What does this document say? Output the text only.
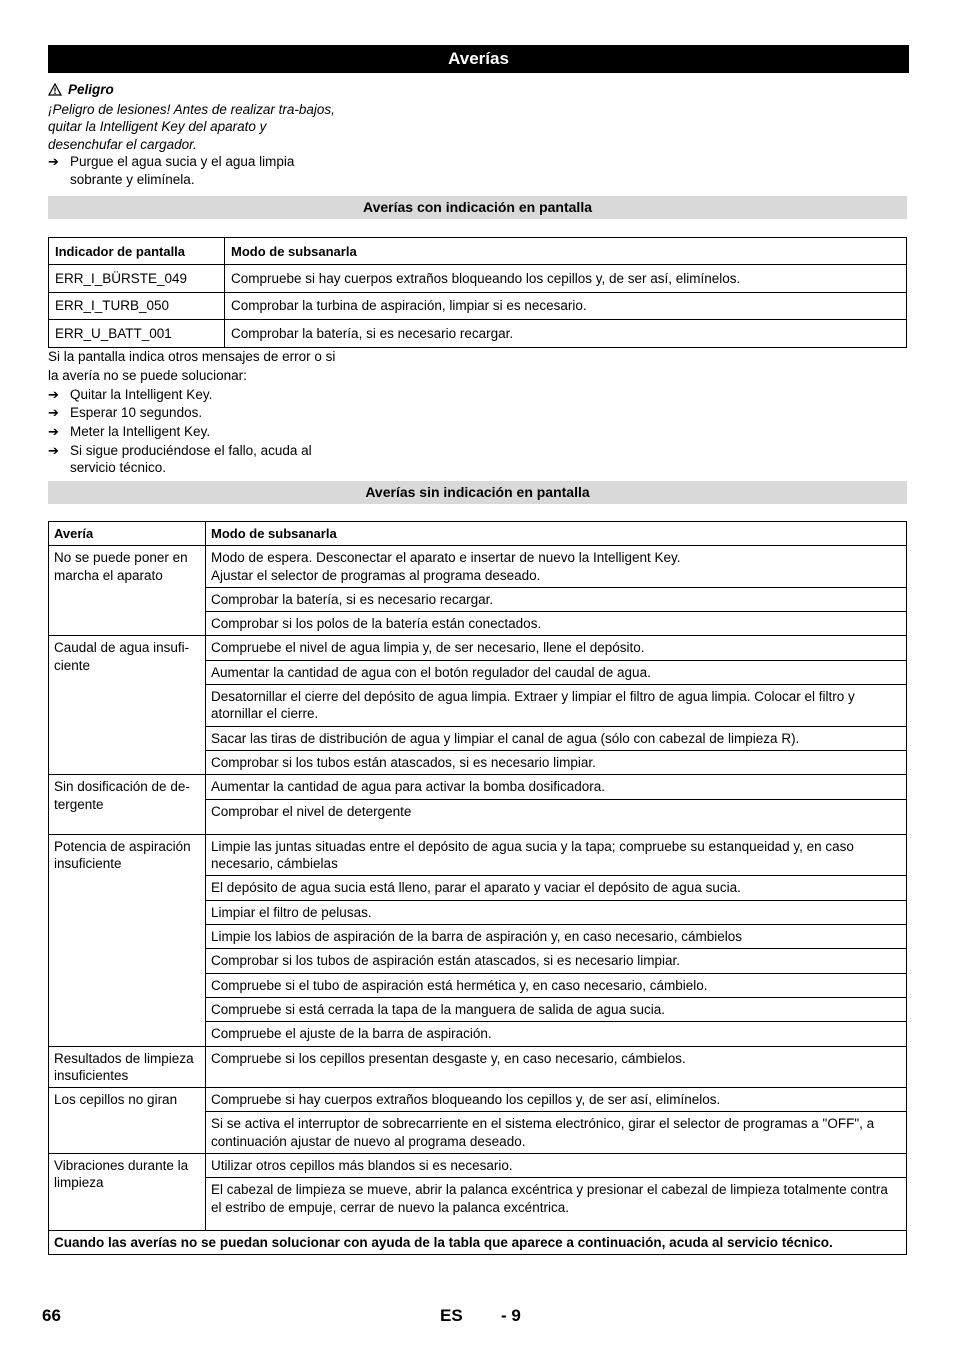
Averías
Peligro
¡Peligro de lesiones! Antes de realizar tra-bajos, quitar la Intelligent Key del aparato y desenchufar el cargador.
➔ Purgue el agua sucia y el agua limpia sobrante y elimínela.
Averías con indicación en pantalla
Indicador de pantalla	Modo de subsanarla
ERR_I_BÜRSTE_049	Compruebe si hay cuerpos extraños bloqueando los cepillos y, de ser así, elimínelos.
ERR_I_TURB_050	Comprobar la turbina de aspiración, limpiar si es necesario.
ERR_U_BATT_001	Comprobar la batería, si es necesario recargar.
Si la pantalla indica otros mensajes de error o si la avería no se puede solucionar:
➔ Quitar la Intelligent Key.
➔ Esperar 10 segundos.
➔ Meter la Intelligent Key.
➔ Si sigue produciéndose el fallo, acuda al servicio técnico.
Averías sin indicación en pantalla
Avería	Modo de subsanarla
No se puede poner en marcha el aparato	Modo de espera. Desconectar el aparato e insertar de nuevo la Intelligent Key.
Ajustar el selector de programas al programa deseado.
	Comprobar la batería, si es necesario recargar.
	Comprobar si los polos de la batería están conectados.
Caudal de agua insufi-ciente	Compruebe el nivel de agua limpia y, de ser necesario, llene el depósito.
	Aumentar la cantidad de agua con el botón regulador del caudal de agua.
	Desatornillar el cierre del depósito de agua limpia. Extraer y limpiar el filtro de agua limpia. Colocar el filtro y atornillar el cierre.
	Sacar las tiras de distribución de agua y limpiar el canal de agua (sólo con cabezal de limpieza R).
	Comprobar si los tubos están atascados, si es necesario limpiar.
Sin dosificación de de-tergente	Aumentar la cantidad de agua para activar la bomba dosificadora.
	Comprobar el nivel de detergente
Potencia de aspiración insuficiente	Limpie las juntas situadas entre el depósito de agua sucia y la tapa; compruebe su estanqueidad y, en caso necesario, cámbielas
	El depósito de agua sucia está lleno, parar el aparato y vaciar el depósito de agua sucia.
	Limpiar el filtro de pelusas.
	Limpie los labios de aspiración de la barra de aspiración y, en caso necesario, cámbielos
	Comprobar si los tubos de aspiración están atascados, si es necesario limpiar.
	Compruebe si el tubo de aspiración está hermética y, en caso necesario, cámbielo.
	Compruebe si está cerrada la tapa de la manguera de salida de agua sucia.
	Compruebe el ajuste de la barra de aspiración.
Resultados de limpieza insuficientes	Compruebe si los cepillos presentan desgaste y, en caso necesario, cámbielos.
Los cepillos no giran	Compruebe si hay cuerpos extraños bloqueando los cepillos y, de ser así, elimínelos.
	Si se activa el interruptor de sobrecarriente en el sistema electrónico, girar el selector de programas a "OFF", a continuación ajustar de nuevo al programa deseado.
Vibraciones durante la limpieza	Utilizar otros cepillos más blandos si es necesario.
	El cabezal de limpieza se mueve, abrir la palanca excéntrica y presionar el cabezal de limpieza totalmente contra el estribo de empuje, cerrar de nuevo la palanca excéntrica.
Cuando las averías no se puedan solucionar con ayuda de la tabla que aparece a continuación, acuda al servicio técnico.	
66	ES - 9
